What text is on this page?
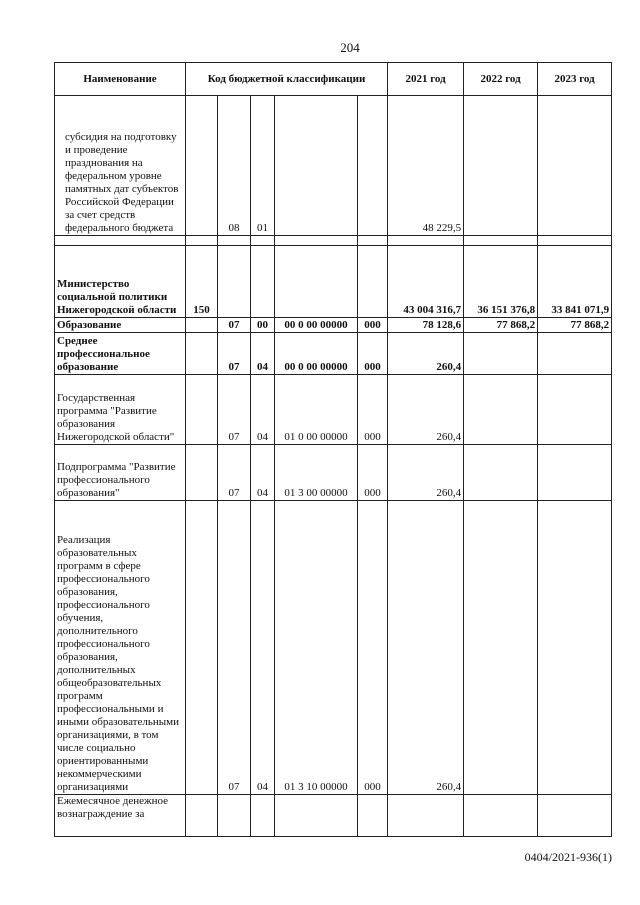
204
Наименование	Код бюджетной классификации					2021 год	2022 год	2023 год
субсидия на подготовку и проведение празднования на федеральном уровне памятных дат субъектов Российской Федерации за счет средств федерального бюджета		08	01			48 229,5		

Министерство социальной политики Нижегородской области	150					43 004 316,7	36 151 376,8	33 841 071,9
Образование		07	00	00 0 00 00000	000	78 128,6	77 868,2	77 868,2
Среднее профессиональное образование		07	04	00 0 00 00000	000	260,4		
Государственная программа "Развитие образования Нижегородской области"		07	04	01 0 00 00000	000	260,4		
Подпрограмма "Развитие профессионального образования"		07	04	01 3 00 00000	000	260,4		
Реализация образовательных программ в сфере профессионального образования, профессионального обучения, дополнительного профессионального образования, дополнительных общеобразовательных программ профессиональными и иными образовательными организациями, в том числе социально ориентированными некоммерческими организациями		07	04	01 3 10 00000	000	260,4		
Ежемесячное денежное вознаграждение за								
0404/2021-936(1)
